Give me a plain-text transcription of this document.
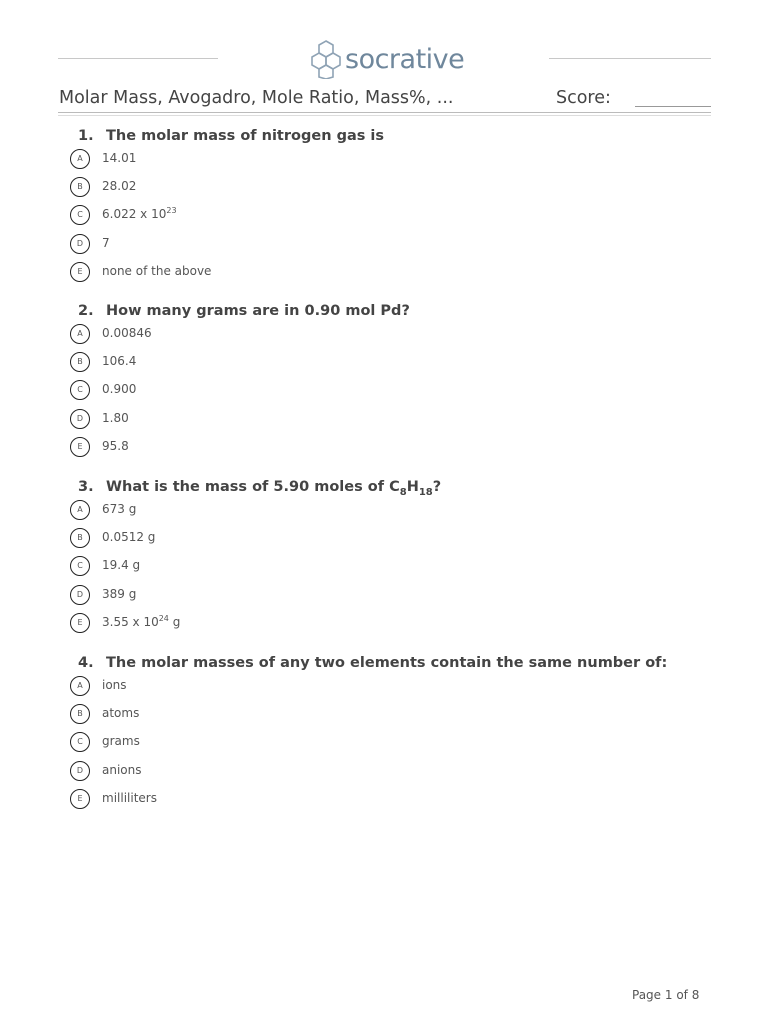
socrative
Molar Mass, Avogadro, Mole Ratio, Mass%, ...	Score:
1. The molar mass of nitrogen gas is
A	14.01
B	28.02
C	6.022 x $10^{23}$
D	7
E	none of the above
2. How many grams are in 0.90 mol Pd?
A	0.00846
B	106.4
C	0.900
D	1.80
E	95.8
3. What is the mass of 5.90 moles of $C_8H_{18}$?
A	673 g
B	0.0512 g
C	19.4 g
D	389 g
E	3.55 x $10^{24}$ g
4. The molar masses of any two elements contain the same number of:
A	ions
B	atoms
C	grams
D	anions
E	milliliters
Page 1 of 8
